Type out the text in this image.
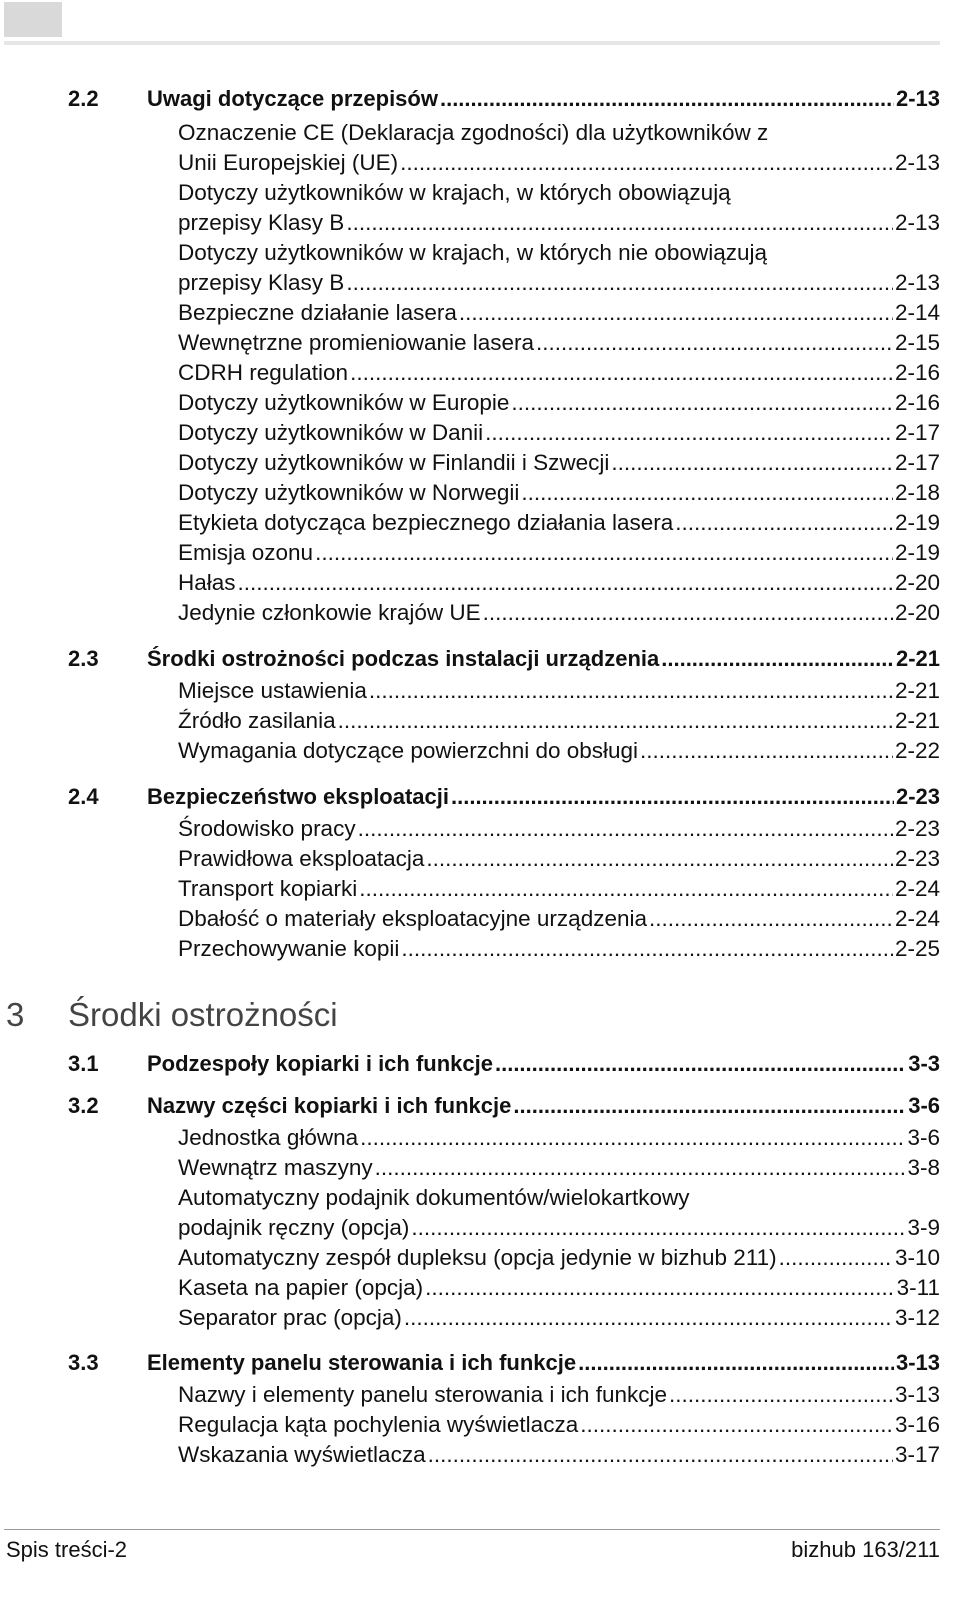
2.2 Uwagi dotyczące przepisów .....	2-13
Oznaczenie CE (Deklaracja zgodności) dla użytkowników z
Unii Europejskiej (UE) .....	2-13
Dotyczy użytkowników w krajach, w których obowiązują
przepisy Klasy B .....	2-13
Dotyczy użytkowników w krajach, w których nie obowiązują
przepisy Klasy B .....	2-13
Bezpieczne działanie lasera .....	2-14
Wewnętrzne promieniowanie lasera .....	2-15
CDRH regulation .....	2-16
Dotyczy użytkowników w Europie .....	2-16
Dotyczy użytkowników w Danii .....	2-17
Dotyczy użytkowników w Finlandii i Szwecji .....	2-17
Dotyczy użytkowników w Norwegii .....	2-18
Etykieta dotycząca bezpiecznego działania lasera .....	2-19
Emisja ozonu .....	2-19
Hałas .....	2-20
Jedynie członkowie krajów UE .....	2-20
2.3 Środki ostrożności podczas instalacji urządzenia .....	2-21
Miejsce ustawienia .....	2-21
Źródło zasilania .....	2-21
Wymagania dotyczące powierzchni do obsługi .....	2-22
2.4 Bezpieczeństwo eksploatacji .....	2-23
Środowisko pracy .....	2-23
Prawidłowa eksploatacja .....	2-23
Transport kopiarki .....	2-24
Dbałość o materiały eksploatacyjne urządzenia .....	2-24
Przechowywanie kopii .....	2-25
3 Środki ostrożności
3.1 Podzespoły kopiarki i ich funkcje .....	3-3
3.2 Nazwy części kopiarki i ich funkcje .....	3-6
Jednostka główna .....	3-6
Wewnątrz maszyny .....	3-8
Automatyczny podajnik dokumentów/wielokartkowy
podajnik ręczny (opcja) .....	3-9
Automatyczny zespół dupleksu (opcja jedynie w bizhub 211) .....	3-10
Kaseta na papier (opcja) .....	3-11
Separator prac (opcja) .....	3-12
3.3 Elementy panelu sterowania i ich funkcje .....	3-13
Nazwy i elementy panelu sterowania i ich funkcje .....	3-13
Regulacja kąta pochylenia wyświetlacza .....	3-16
Wskazania wyświetlacza .....	3-17
Spis treści-2	bizhub 163/211
